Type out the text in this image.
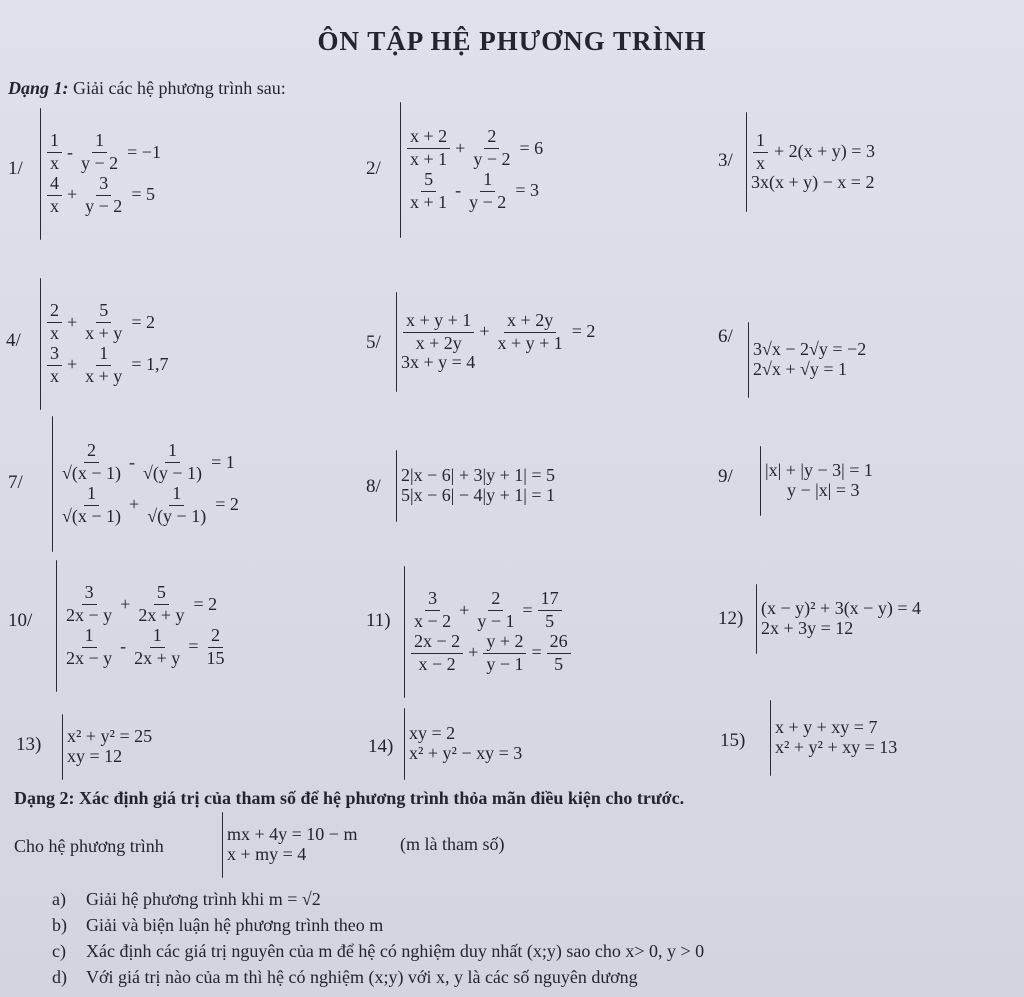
ÔN TẬP HỆ PHƯƠNG TRÌNH
Dạng 1: Giải các hệ phương trình sau:
$1/ \frac{1}{x} - \frac{1}{y - 2} = -1$
$\frac{4}{x} + \frac{3}{y - 2} = 5$
$2/ \frac{x + 2}{x + 1} + \frac{2}{y - 2} = 6$
$\frac{5}{x + 1} - \frac{1}{y - 2} = 3$
$3/ \frac{1}{x} + 2(x + y) = 3$
3x(x + y) − x = 2
$4/ \frac{2}{x} + \frac{5}{x + y} = 2$
$\frac{3}{x} + \frac{1}{x + y} = 1,7$
$5/ \frac{x + y + 1}{x + 2y} + \frac{x + 2y}{x + y + 1} = 2$
3x + y = 4
6/
3√x − 2√y = −2
2√x + √y = 1
$7/ \frac{2}{√(x - 1)} - \frac{1}{√(y - 1)} = 1$
$\frac{1}{√(x - 1)} + \frac{1}{√(y - 1)} = 2$
8/
2|x − 6| + 3|y + 1| = 5
5|x − 6| − 4|y + 1| = 1
9/ |x| + |y − 3| = 1
y − |x| = 3
$10/ \frac{3}{2x - y} + \frac{5}{2x + y} = 2$
$\frac{1}{2x - y} - \frac{1}{2x + y} = \frac{2}{15}$
$11) \frac{3}{x - 2} + \frac{2}{y - 1} = \frac{17}{5}$
$\frac{2x - 2}{x - 2} + \frac{y + 2}{y - 1} = \frac{26}{5}$
12) (x − y)² + 3(x − y) = 4
2x + 3y = 12
13) x² + y² = 25
xy = 12	14)
xy = 2
x² + y² − xy = 3
15)
x + y + xy = 7
x² + y² + xy = 13
Dạng 2: Xác định giá trị của tham số để hệ phương trình thỏa mãn điều kiện cho trước.
Cho hệ phương trình
mx + 4y = 10 − m
x + my = 4	(m là tham số)
a) Giải hệ phương trình khi m = √2
b) Giải và biện luận hệ phương trình theo m
c) Xác định các giá trị nguyên của m để hệ có nghiệm duy nhất (x;y) sao cho x> 0, y > 0
d) Với giá trị nào của m thì hệ có nghiệm (x;y) với x, y là các số nguyên dương
